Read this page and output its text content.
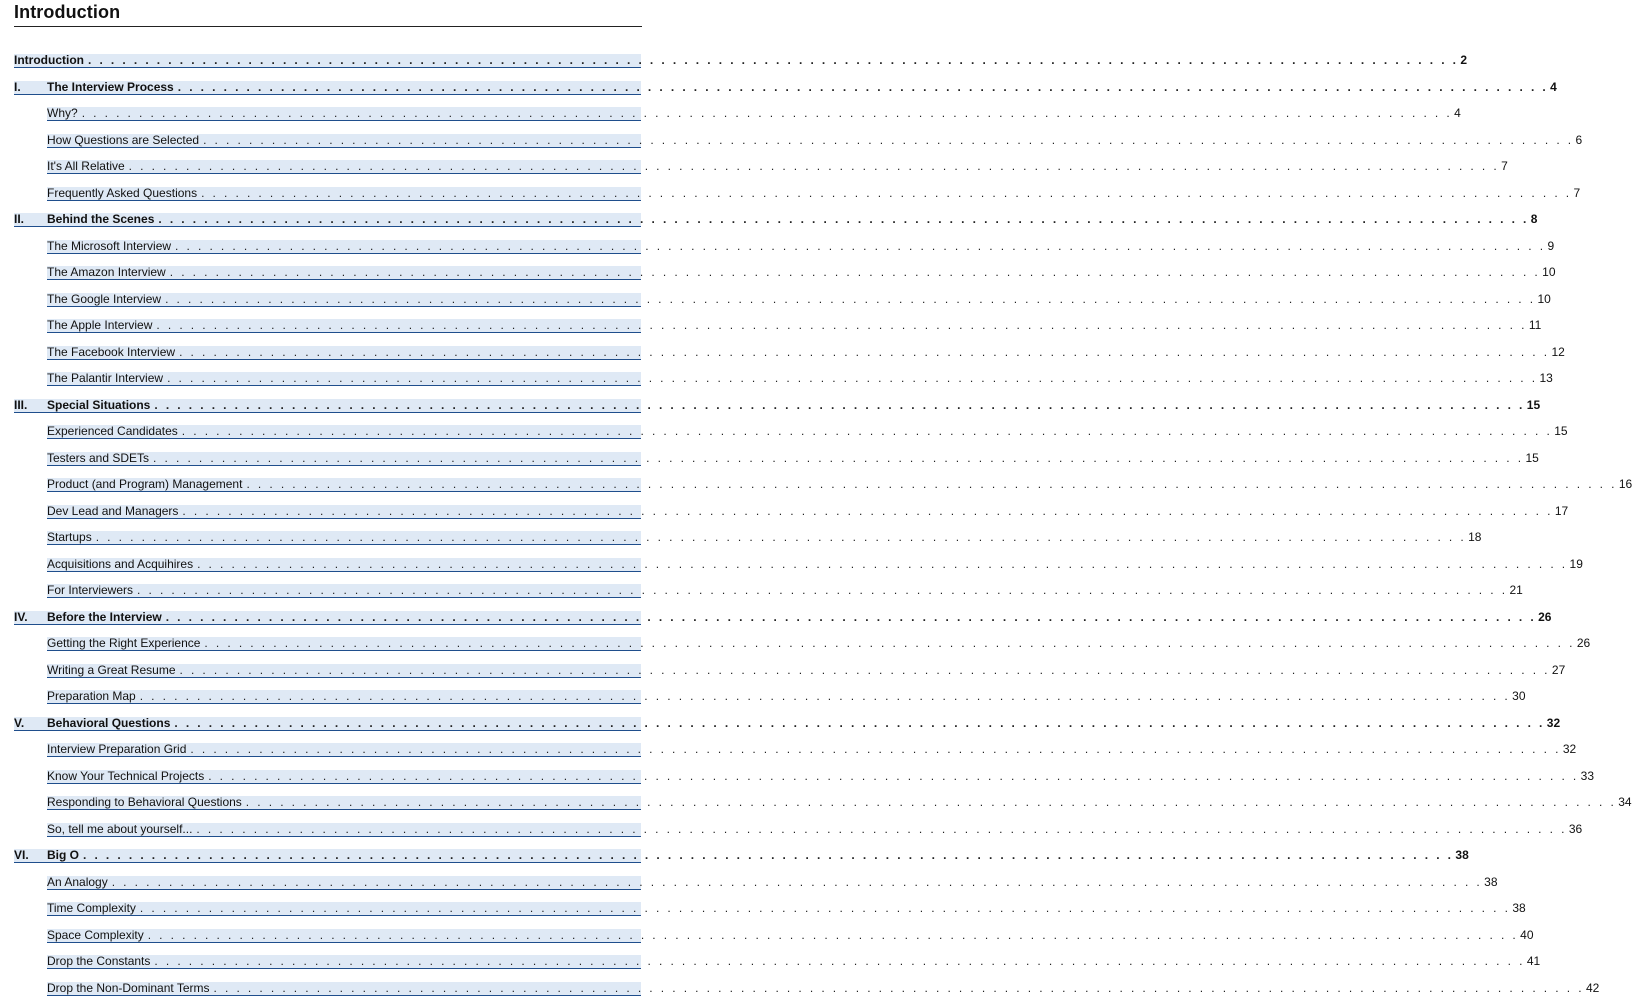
Introduction
Introduction . . . . . . . . . . . . . . . . . . . . . . . . . . . . . . . . . . . . . . . . . . . . . . . . . . . . . . . . . . . . . . . . . . . . . . . . . . . . . . . . . . . . . . . . . . . . . . . . . . . . . . . . . . . . . . . . . . . . . . . . 2
I. The Interview Process . . . . . . . . . . . . . . . . . . . . . . . . . . . . . . . . . . . . . . . . . . . . . . . . . . . . . . . . . . . . . . . . . . . . . . . . . . . . . . . . . . . . . . . . . . . . . . . . . . . . . . . . . . . . . . . . . . . . . . . . 4
Why? . . . . . . . . . . . . . . . . . . . . . . . . . . . . . . . . . . . . . . . . . . . . . . . . . . . . . . . . . . . . . . . . . . . . . . . . . . . . . . . . . . . . . . . . . . . . . . . . . . . . . . . . . . . . . . . . . . . . . . . . 4
How Questions are Selected . . . . . . . . . . . . . . . . . . . . . . . . . . . . . . . . . . . . . . . . . . . . . . . . . . . . . . . . . . . . . . . . . . . . . . . . . . . . . . . . . . . . . . . . . . . . . . . . . . . . . . . . . . . . . . . . . . . . . . . . 6
It's All Relative . . . . . . . . . . . . . . . . . . . . . . . . . . . . . . . . . . . . . . . . . . . . . . . . . . . . . . . . . . . . . . . . . . . . . . . . . . . . . . . . . . . . . . . . . . . . . . . . . . . . . . . . . . . . . . . . . . . . . . . . 7
Frequently Asked Questions . . . . . . . . . . . . . . . . . . . . . . . . . . . . . . . . . . . . . . . . . . . . . . . . . . . . . . . . . . . . . . . . . . . . . . . . . . . . . . . . . . . . . . . . . . . . . . . . . . . . . . . . . . . . . . . . . . . . . . . . 7
II. Behind the Scenes . . . . . . . . . . . . . . . . . . . . . . . . . . . . . . . . . . . . . . . . . . . . . . . . . . . . . . . . . . . . . . . . . . . . . . . . . . . . . . . . . . . . . . . . . . . . . . . . . . . . . . . . . . . . . . . . . . . . . . . . 8
The Microsoft Interview . . . . . . . . . . . . . . . . . . . . . . . . . . . . . . . . . . . . . . . . . . . . . . . . . . . . . . . . . . . . . . . . . . . . . . . . . . . . . . . . . . . . . . . . . . . . . . . . . . . . . . . . . . . . . . . . . . . . . . . . 9
The Amazon Interview . . . . . . . . . . . . . . . . . . . . . . . . . . . . . . . . . . . . . . . . . . . . . . . . . . . . . . . . . . . . . . . . . . . . . . . . . . . . . . . . . . . . . . . . . . . . . . . . . . . . . . . . . . . . . . . . . . . . . . . . 10
The Google Interview . . . . . . . . . . . . . . . . . . . . . . . . . . . . . . . . . . . . . . . . . . . . . . . . . . . . . . . . . . . . . . . . . . . . . . . . . . . . . . . . . . . . . . . . . . . . . . . . . . . . . . . . . . . . . . . . . . . . . . . . 10
The Apple Interview . . . . . . . . . . . . . . . . . . . . . . . . . . . . . . . . . . . . . . . . . . . . . . . . . . . . . . . . . . . . . . . . . . . . . . . . . . . . . . . . . . . . . . . . . . . . . . . . . . . . . . . . . . . . . . . . . . . . . . . . 11
The Facebook Interview . . . . . . . . . . . . . . . . . . . . . . . . . . . . . . . . . . . . . . . . . . . . . . . . . . . . . . . . . . . . . . . . . . . . . . . . . . . . . . . . . . . . . . . . . . . . . . . . . . . . . . . . . . . . . . . . . . . . . . . . 12
The Palantir Interview . . . . . . . . . . . . . . . . . . . . . . . . . . . . . . . . . . . . . . . . . . . . . . . . . . . . . . . . . . . . . . . . . . . . . . . . . . . . . . . . . . . . . . . . . . . . . . . . . . . . . . . . . . . . . . . . . . . . . . . . 13
III. Special Situations . . . . . . . . . . . . . . . . . . . . . . . . . . . . . . . . . . . . . . . . . . . . . . . . . . . . . . . . . . . . . . . . . . . . . . . . . . . . . . . . . . . . . . . . . . . . . . . . . . . . . . . . . . . . . . . . . . . . . . . . 15
Experienced Candidates . . . . . . . . . . . . . . . . . . . . . . . . . . . . . . . . . . . . . . . . . . . . . . . . . . . . . . . . . . . . . . . . . . . . . . . . . . . . . . . . . . . . . . . . . . . . . . . . . . . . . . . . . . . . . . . . . . . . . . . . 15
Testers and SDETs . . . . . . . . . . . . . . . . . . . . . . . . . . . . . . . . . . . . . . . . . . . . . . . . . . . . . . . . . . . . . . . . . . . . . . . . . . . . . . . . . . . . . . . . . . . . . . . . . . . . . . . . . . . . . . . . . . . . . . . . 15
Product (and Program) Management . . . . . . . . . . . . . . . . . . . . . . . . . . . . . . . . . . . . . . . . . . . . . . . . . . . . . . . . . . . . . . . . . . . . . . . . . . . . . . . . . . . . . . . . . . . . . . . . . . . . . . . . . . . . . . . . . . . . . . . . 16
Dev Lead and Managers . . . . . . . . . . . . . . . . . . . . . . . . . . . . . . . . . . . . . . . . . . . . . . . . . . . . . . . . . . . . . . . . . . . . . . . . . . . . . . . . . . . . . . . . . . . . . . . . . . . . . . . . . . . . . . . . . . . . . . . . 17
Startups . . . . . . . . . . . . . . . . . . . . . . . . . . . . . . . . . . . . . . . . . . . . . . . . . . . . . . . . . . . . . . . . . . . . . . . . . . . . . . . . . . . . . . . . . . . . . . . . . . . . . . . . . . . . . . . . . . . . . . . . 18
Acquisitions and Acquihires . . . . . . . . . . . . . . . . . . . . . . . . . . . . . . . . . . . . . . . . . . . . . . . . . . . . . . . . . . . . . . . . . . . . . . . . . . . . . . . . . . . . . . . . . . . . . . . . . . . . . . . . . . . . . . . . . . . . . . . . 19
For Interviewers . . . . . . . . . . . . . . . . . . . . . . . . . . . . . . . . . . . . . . . . . . . . . . . . . . . . . . . . . . . . . . . . . . . . . . . . . . . . . . . . . . . . . . . . . . . . . . . . . . . . . . . . . . . . . . . . . . . . . . . . 21
IV. Before the Interview . . . . . . . . . . . . . . . . . . . . . . . . . . . . . . . . . . . . . . . . . . . . . . . . . . . . . . . . . . . . . . . . . . . . . . . . . . . . . . . . . . . . . . . . . . . . . . . . . . . . . . . . . . . . . . . . . . . . . . . . 26
Getting the Right Experience . . . . . . . . . . . . . . . . . . . . . . . . . . . . . . . . . . . . . . . . . . . . . . . . . . . . . . . . . . . . . . . . . . . . . . . . . . . . . . . . . . . . . . . . . . . . . . . . . . . . . . . . . . . . . . . . . . . . . . . . 26
Writing a Great Resume . . . . . . . . . . . . . . . . . . . . . . . . . . . . . . . . . . . . . . . . . . . . . . . . . . . . . . . . . . . . . . . . . . . . . . . . . . . . . . . . . . . . . . . . . . . . . . . . . . . . . . . . . . . . . . . . . . . . . . . . 27
Preparation Map . . . . . . . . . . . . . . . . . . . . . . . . . . . . . . . . . . . . . . . . . . . . . . . . . . . . . . . . . . . . . . . . . . . . . . . . . . . . . . . . . . . . . . . . . . . . . . . . . . . . . . . . . . . . . . . . . . . . . . . . 30
V. Behavioral Questions . . . . . . . . . . . . . . . . . . . . . . . . . . . . . . . . . . . . . . . . . . . . . . . . . . . . . . . . . . . . . . . . . . . . . . . . . . . . . . . . . . . . . . . . . . . . . . . . . . . . . . . . . . . . . . . . . . . . . . . . 32
Interview Preparation Grid . . . . . . . . . . . . . . . . . . . . . . . . . . . . . . . . . . . . . . . . . . . . . . . . . . . . . . . . . . . . . . . . . . . . . . . . . . . . . . . . . . . . . . . . . . . . . . . . . . . . . . . . . . . . . . . . . . . . . . . . 32
Know Your Technical Projects . . . . . . . . . . . . . . . . . . . . . . . . . . . . . . . . . . . . . . . . . . . . . . . . . . . . . . . . . . . . . . . . . . . . . . . . . . . . . . . . . . . . . . . . . . . . . . . . . . . . . . . . . . . . . . . . . . . . . . . . 33
Responding to Behavioral Questions . . . . . . . . . . . . . . . . . . . . . . . . . . . . . . . . . . . . . . . . . . . . . . . . . . . . . . . . . . . . . . . . . . . . . . . . . . . . . . . . . . . . . . . . . . . . . . . . . . . . . . . . . . . . . . . . . . . . . . . . 34
So, tell me about yourself... . . . . . . . . . . . . . . . . . . . . . . . . . . . . . . . . . . . . . . . . . . . . . . . . . . . . . . . . . . . . . . . . . . . . . . . . . . . . . . . . . . . . . . . . . . . . . . . . . . . . . . . . . . . . . . . . . . . . . . . . 36
VI. Big O . . . . . . . . . . . . . . . . . . . . . . . . . . . . . . . . . . . . . . . . . . . . . . . . . . . . . . . . . . . . . . . . . . . . . . . . . . . . . . . . . . . . . . . . . . . . . . . . . . . . . . . . . . . . . . . . . . . . . . . . 38
An Analogy . . . . . . . . . . . . . . . . . . . . . . . . . . . . . . . . . . . . . . . . . . . . . . . . . . . . . . . . . . . . . . . . . . . . . . . . . . . . . . . . . . . . . . . . . . . . . . . . . . . . . . . . . . . . . . . . . . . . . . . . 38
Time Complexity . . . . . . . . . . . . . . . . . . . . . . . . . . . . . . . . . . . . . . . . . . . . . . . . . . . . . . . . . . . . . . . . . . . . . . . . . . . . . . . . . . . . . . . . . . . . . . . . . . . . . . . . . . . . . . . . . . . . . . . . 38
Space Complexity . . . . . . . . . . . . . . . . . . . . . . . . . . . . . . . . . . . . . . . . . . . . . . . . . . . . . . . . . . . . . . . . . . . . . . . . . . . . . . . . . . . . . . . . . . . . . . . . . . . . . . . . . . . . . . . . . . . . . . . . 40
Drop the Constants . . . . . . . . . . . . . . . . . . . . . . . . . . . . . . . . . . . . . . . . . . . . . . . . . . . . . . . . . . . . . . . . . . . . . . . . . . . . . . . . . . . . . . . . . . . . . . . . . . . . . . . . . . . . . . . . . . . . . . . . 41
Drop the Non-Dominant Terms . . . . . . . . . . . . . . . . . . . . . . . . . . . . . . . . . . . . . . . . . . . . . . . . . . . . . . . . . . . . . . . . . . . . . . . . . . . . . . . . . . . . . . . . . . . . . . . . . . . . . . . . . . . . . . . . . . . . . . . . 42
